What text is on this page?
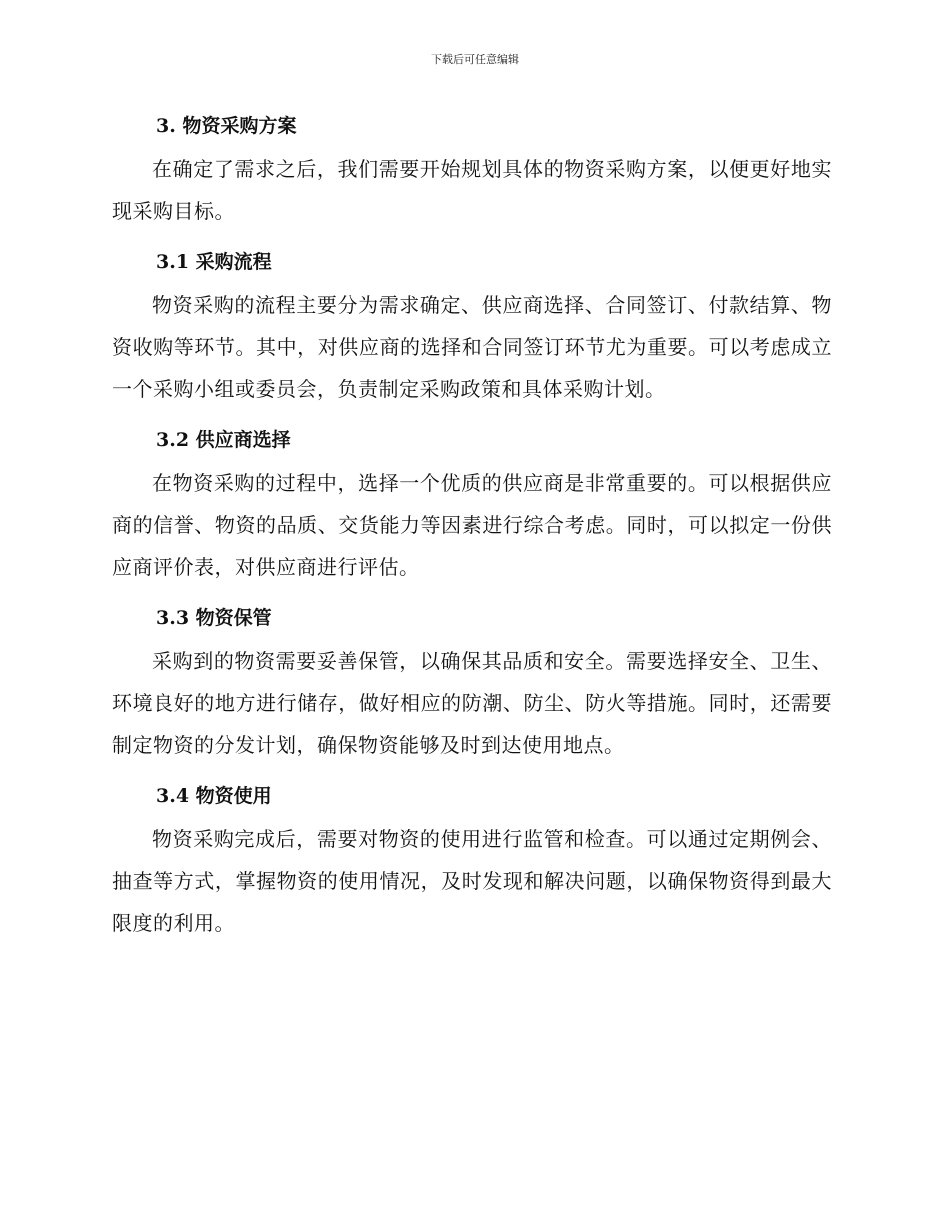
下载后可任意编辑
3. 物资采购方案

在确定了需求之后，我们需要开始规划具体的物资采购方案，以便更好地实现采购目标。

3.1 采购流程

物资采购的流程主要分为需求确定、供应商选择、合同签订、付款结算、物资收购等环节。其中，对供应商的选择和合同签订环节尤为重要。可以考虑成立一个采购小组或委员会，负责制定采购政策和具体采购计划。

3.2 供应商选择

在物资采购的过程中，选择一个优质的供应商是非常重要的。可以根据供应商的信誉、物资的品质、交货能力等因素进行综合考虑。同时，可以拟定一份供应商评价表，对供应商进行评估。

3.3 物资保管

采购到的物资需要妥善保管，以确保其品质和安全。需要选择安全、卫生、环境良好的地方进行储存，做好相应的防潮、防尘、防火等措施。同时，还需要制定物资的分发计划，确保物资能够及时到达使用地点。

3.4 物资使用

物资采购完成后，需要对物资的使用进行监管和检查。可以通过定期例会、抽查等方式，掌握物资的使用情况，及时发现和解决问题，以确保物资得到最大限度的利用。
